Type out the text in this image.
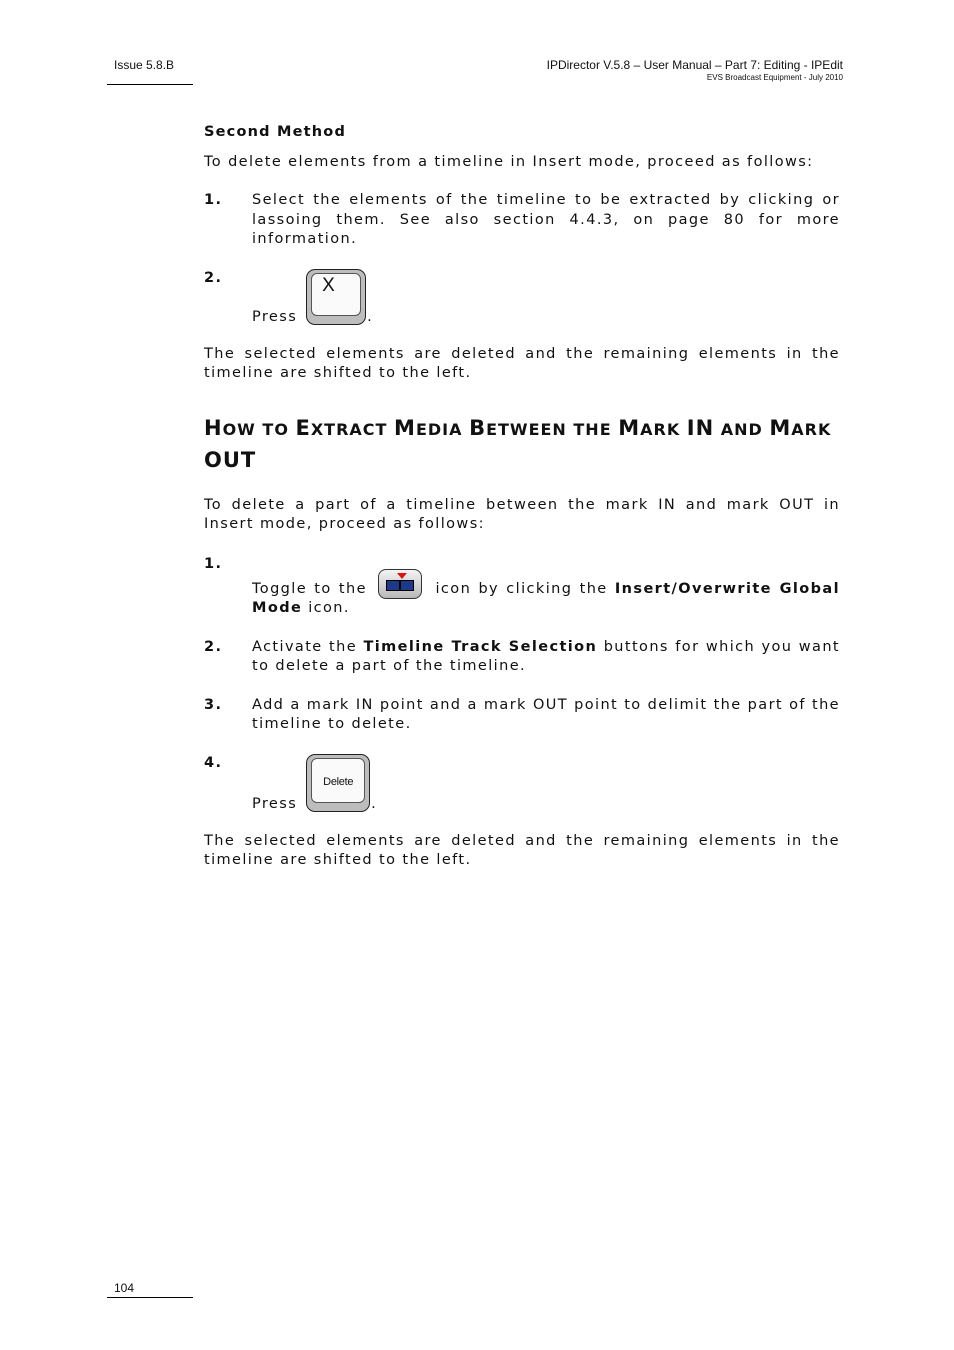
Issue 5.8.B	IPDirector V.5.8 – User Manual – Part 7: Editing - IPEdit
EVS Broadcast Equipment - July 2010
Second Method

To delete elements from a timeline in Insert mode, proceed as follows:

1. Select the elements of the timeline to be extracted by clicking or lassoing them. See also section 4.4.3, on page 80 for more information.
2.
Press
X
.

The selected elements are deleted and the remaining elements in the timeline are shifted to the left.

HOW TO EXTRACT MEDIA BETWEEN THE MARK IN AND MARK
OUT

To delete a part of a timeline between the mark IN and mark OUT in Insert mode, proceed as follows:

1.
Toggle to the	icon by clicking the Insert/Overwrite Global Mode icon.
2. Activate the Timeline Track Selection buttons for which you want to delete a part of the timeline.
3. Add a mark IN point and a mark OUT point to delimit the part of the timeline to delete.
4.
Press
Delete
.

The selected elements are deleted and the remaining elements in the timeline are shifted to the left.

104
